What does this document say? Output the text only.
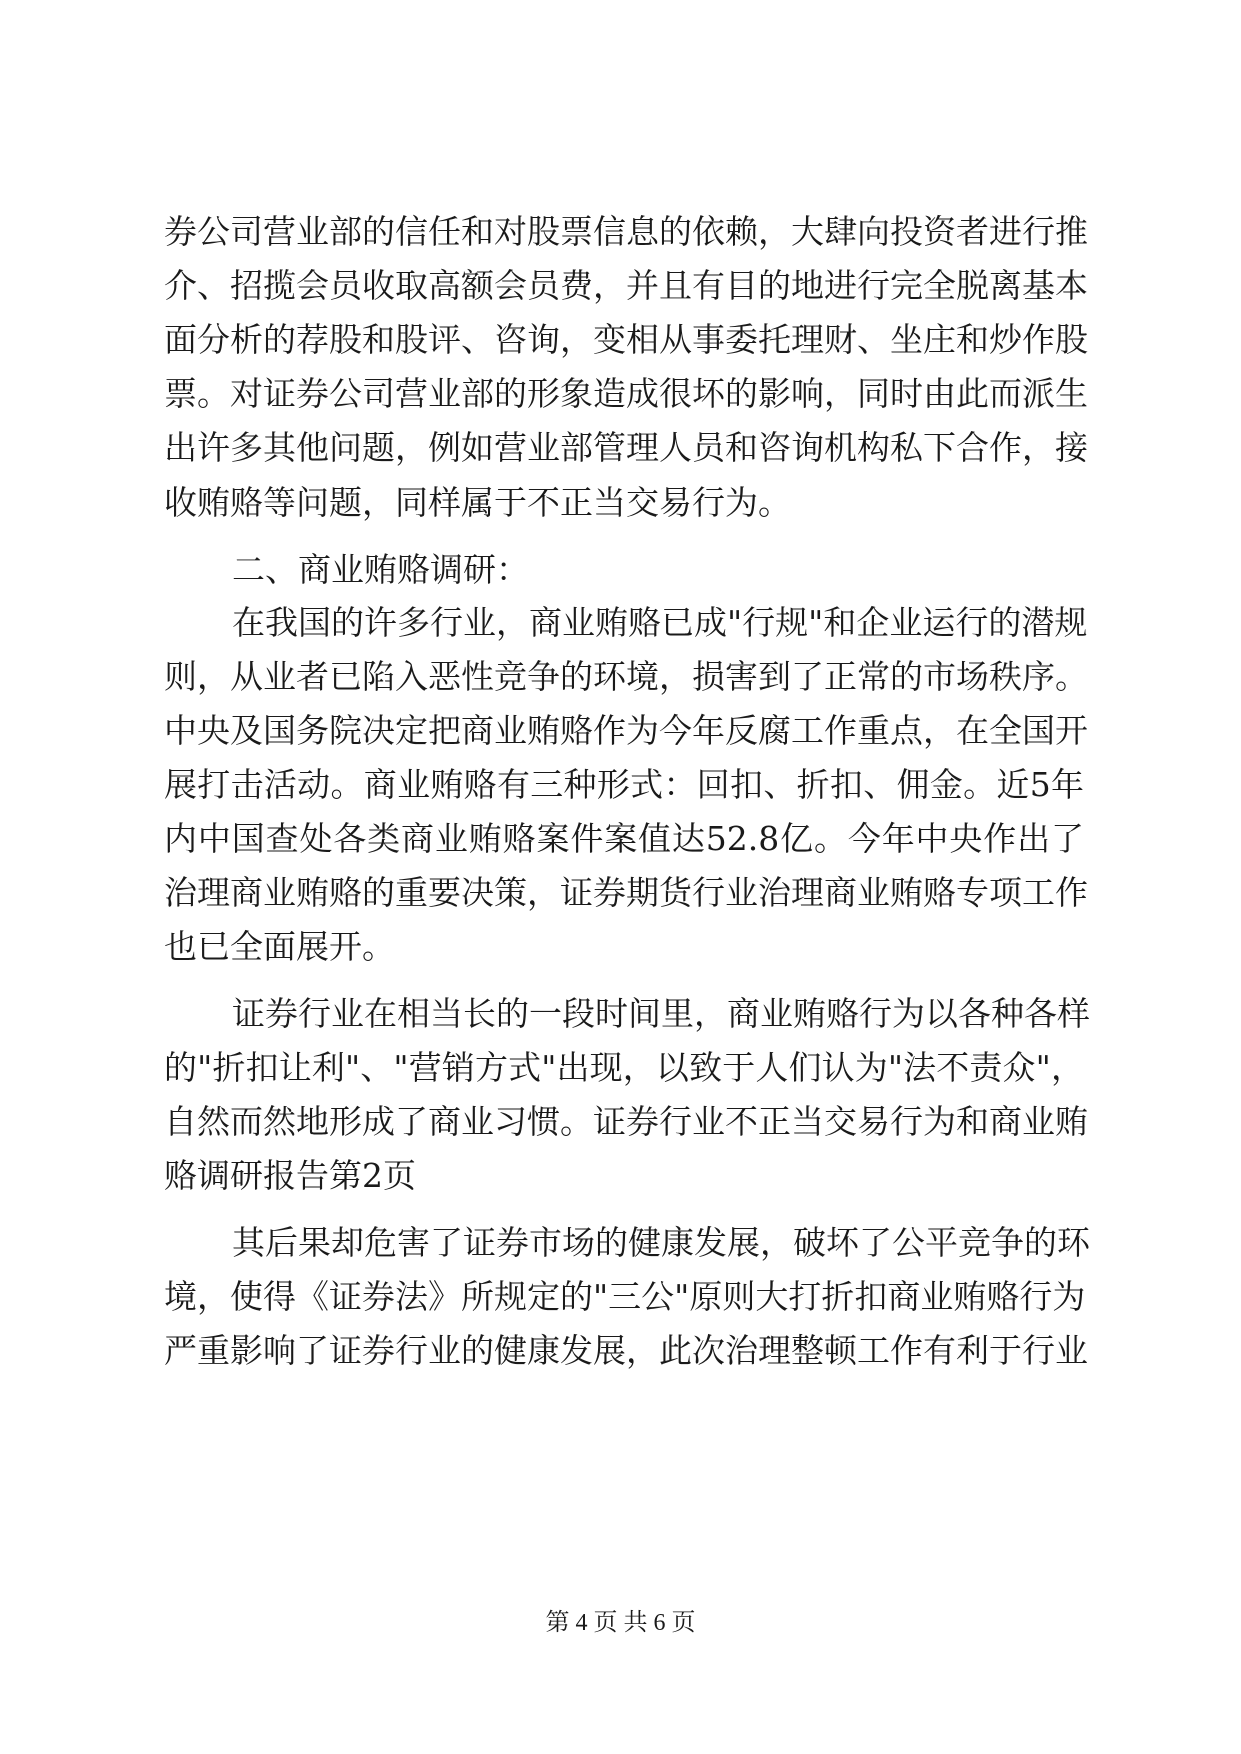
券公司营业部的信任和对股票信息的依赖，大肆向投资者进行推
介、招揽会员收取高额会员费，并且有目的地进行完全脱离基本
面分析的荐股和股评、咨询，变相从事委托理财、坐庄和炒作股
票。对证券公司营业部的形象造成很坏的影响，同时由此而派生
出许多其他问题，例如营业部管理人员和咨询机构私下合作，接
收贿赂等问题，同样属于不正当交易行为。
二、商业贿赂调研：
在我国的许多行业，商业贿赂已成"行规"和企业运行的潜规
则，从业者已陷入恶性竞争的环境，损害到了正常的市场秩序。
中央及国务院决定把商业贿赂作为今年反腐工作重点，在全国开
展打击活动。商业贿赂有三种形式：回扣、折扣、佣金。近5年
内中国查处各类商业贿赂案件案值达52.8亿。今年中央作出了
治理商业贿赂的重要决策，证券期货行业治理商业贿赂专项工作
也已全面展开。
证券行业在相当长的一段时间里，商业贿赂行为以各种各样
的"折扣让利"、"营销方式"出现，以致于人们认为"法不责众"，
自然而然地形成了商业习惯。证券行业不正当交易行为和商业贿
赂调研报告第2页
其后果却危害了证券市场的健康发展，破坏了公平竞争的环
境，使得《证券法》所规定的"三公"原则大打折扣商业贿赂行为
严重影响了证券行业的健康发展，此次治理整顿工作有利于行业
第 4 页 共 6 页
